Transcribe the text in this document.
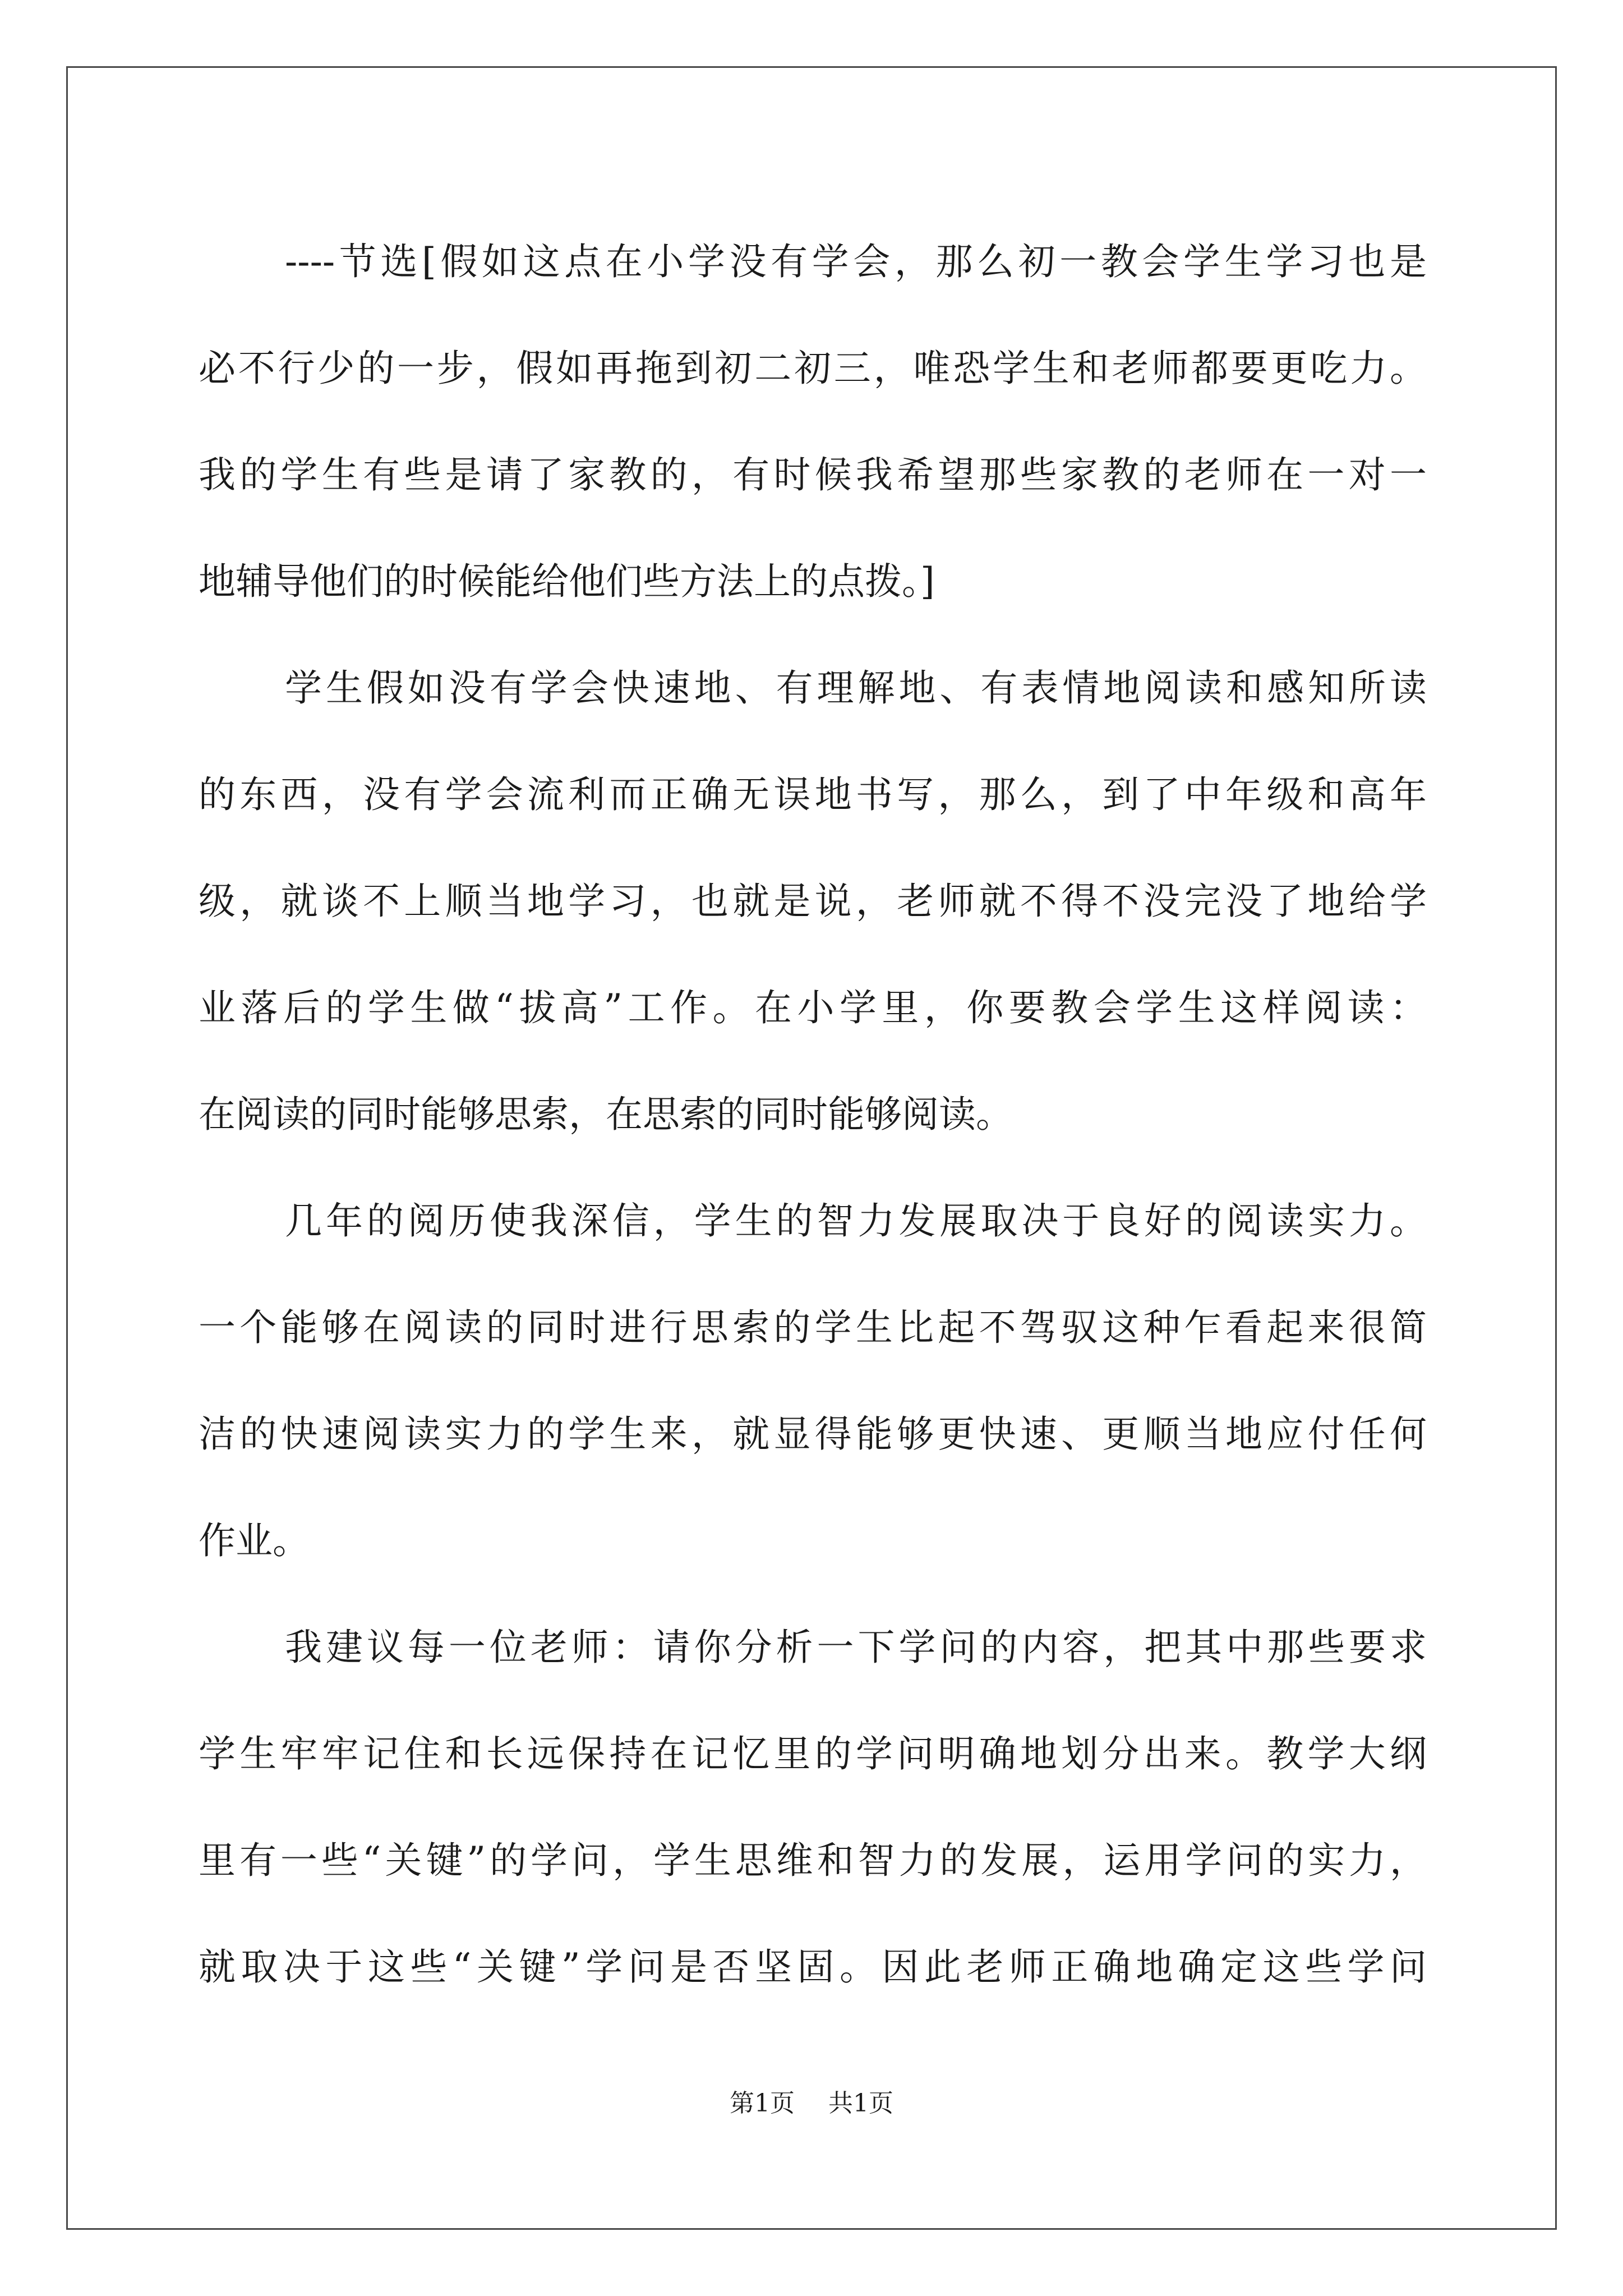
----节选[假如这点在小学没有学会，那么初一教会学生学习也是
必不行少的一步，假如再拖到初二初三，唯恐学生和老师都要更吃力。
我的学生有些是请了家教的，有时候我希望那些家教的老师在一对一
地辅导他们的时候能给他们些方法上的点拨。]
学生假如没有学会快速地、有理解地、有表情地阅读和感知所读
的东西，没有学会流利而正确无误地书写，那么，到了中年级和高年
级，就谈不上顺当地学习，也就是说，老师就不得不没完没了地给学
业落后的学生做“拔高”工作。在小学里，你要教会学生这样阅读：
在阅读的同时能够思索，在思索的同时能够阅读。
几年的阅历使我深信，学生的智力发展取决于良好的阅读实力。
一个能够在阅读的同时进行思索的学生比起不驾驭这种乍看起来很简
洁的快速阅读实力的学生来，就显得能够更快速、更顺当地应付任何
作业。
我建议每一位老师：请你分析一下学问的内容，把其中那些要求
学生牢牢记住和长远保持在记忆里的学问明确地划分出来。教学大纲
里有一些“关键”的学问，学生思维和智力的发展，运用学问的实力，
就取决于这些“关键”学问是否坚固。因此老师正确地确定这些学问
第1页 共1页
